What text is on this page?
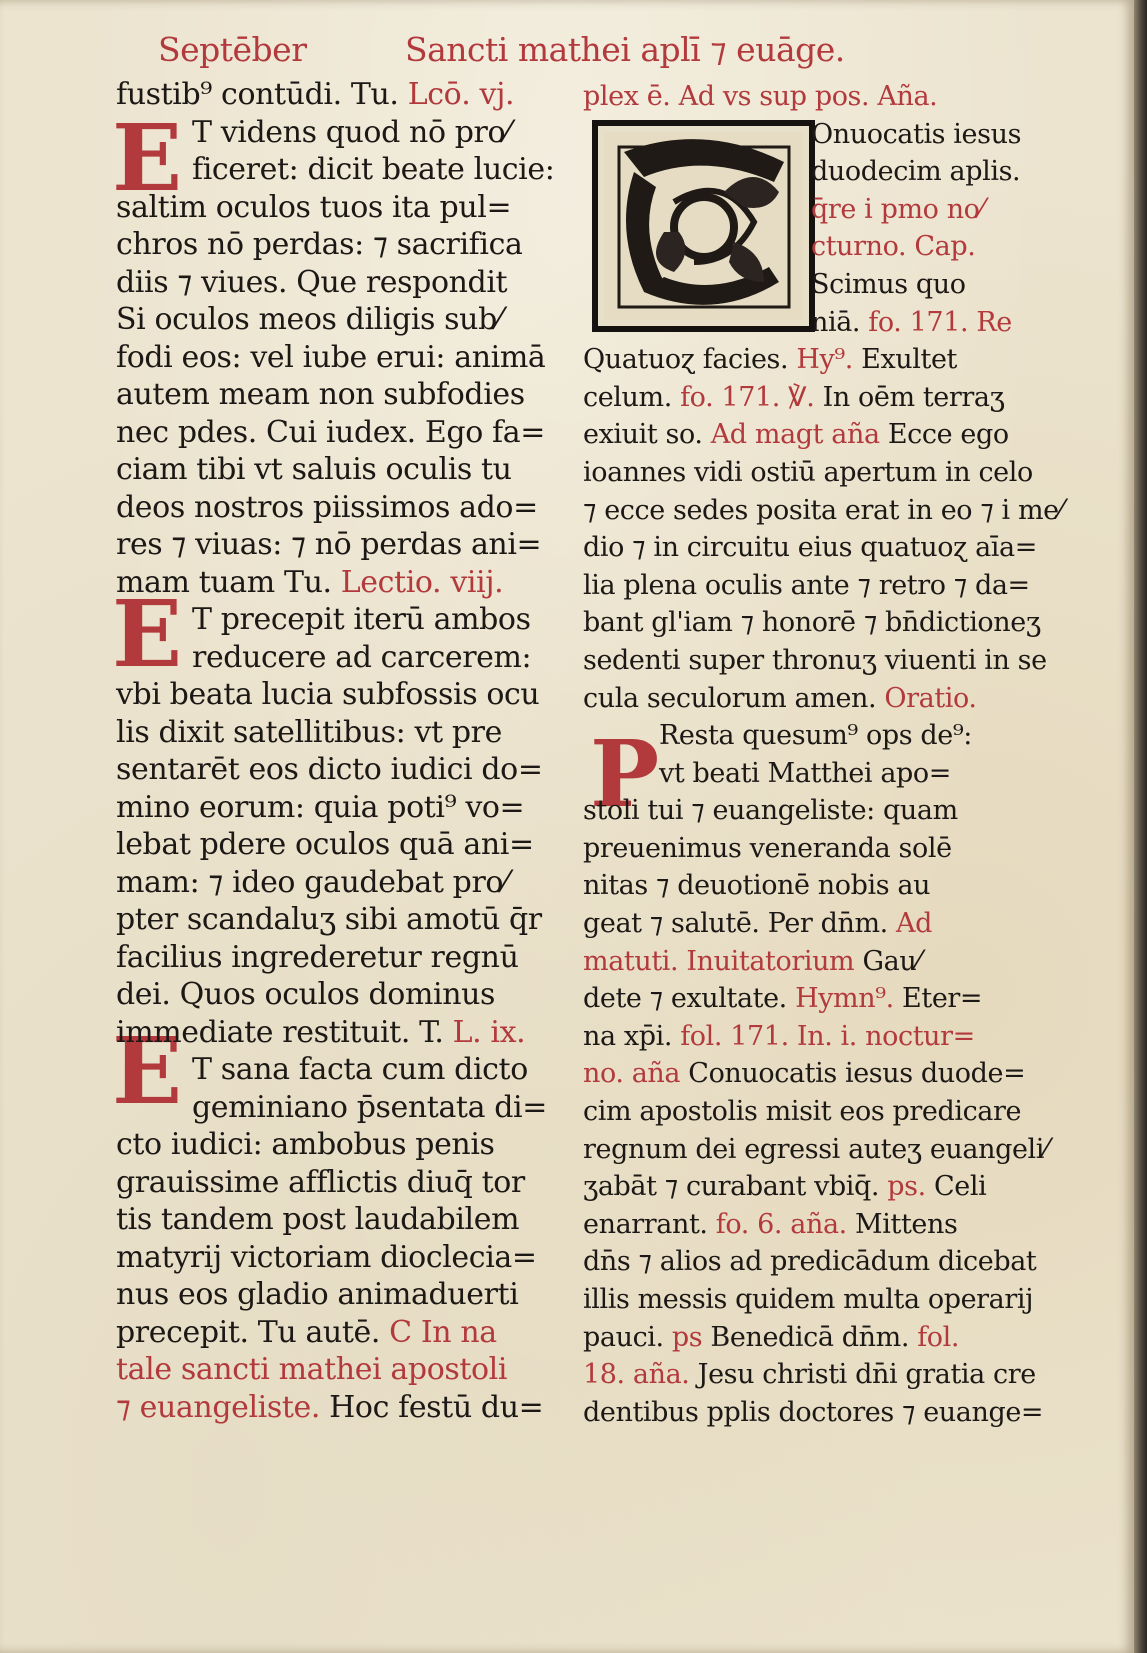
Septēber	Sancti mathei aplī ⁊ euāge.
E
E
E
P
fustib⁹ contūdi. Tu. Lcō. vj.
T videns quod nō pro⁄
ficeret: dicit beate lucie:
saltim oculos tuos ita pul=
chros nō perdas: ⁊ sacrifica
diis ⁊ viues. Que respondit
Si oculos meos diligis sub⁄
fodi eos: vel iube erui: animā
autem meam non subfodies
nec pdes. Cui iudex. Ego fa=
ciam tibi vt saluis oculis tu
deos nostros piissimos ado=
res ⁊ viuas: ⁊ nō perdas ani=
mam tuam Tu. Lectio. viij.
T precepit iterū ambos
reducere ad carcerem:
vbi beata lucia subfossis ocu
lis dixit satellitibus: vt pre
sentarēt eos dicto iudici do=
mino eorum: quia poti⁹ vo=
lebat pdere oculos quā ani=
mam: ⁊ ideo gaudebat pro⁄
pter scandaluʒ sibi amotū q̄r
facilius ingrederetur regnū
dei. Quos oculos dominus
immediate restituit. T. L. ix.
T sana facta cum dicto
geminiano p̄sentata di=
cto iudici: ambobus penis
grauissime afflictis diuq̄ tor
tis tandem post laudabilem
matyrij victoriam dioclecia=
nus eos gladio animaduerti
precepit. Tu autē. C In na
tale sancti mathei apostoli
⁊ euangeliste. Hoc festū du=
plex ē. Ad vs sup pos. Aña.
Onuocatis iesus
duodecim aplis.
q̄re i pmo no⁄
cturno. Cap.
Scimus quo
niā. fo. 171. Re
Quatuoɀ facies. Hy⁹. Exultet
celum. fo. 171. ℣. In oēm terraʒ
exiuit so. Ad magt aña Ecce ego
ioannes vidi ostiū apertum in celo
⁊ ecce sedes posita erat in eo ⁊ i me⁄
dio ⁊ in circuitu eius quatuoɀ aīa=
lia plena oculis ante ⁊ retro ⁊ da=
bant gl'iam ⁊ honorē ⁊ bn̄dictioneʒ
sedenti super thronuʒ viuenti in se
cula seculorum amen. Oratio.
Resta quesum⁹ ops de⁹:
vt beati Matthei apo=
stoli tui ⁊ euangeliste: quam
preuenimus veneranda solē
nitas ⁊ deuotionē nobis au
geat ⁊ salutē. Per dn̄m. Ad
matuti. Inuitatorium Gau⁄
dete ⁊ exultate. Hymn⁹. Eter=
na xp̄i. fol. 171. In. i. noctur=
no. aña Conuocatis iesus duode=
cim apostolis misit eos predicare
regnum dei egressi auteʒ euangeli⁄
ʒabāt ⁊ curabant vbiq̄. ps. Celi
enarrant. fo. 6. aña. Mittens
dn̄s ⁊ alios ad predicādum dicebat
illis messis quidem multa operarij
pauci. ps Benedicā dn̄m. fol.
18. aña. Jesu christi dn̄i gratia cre
dentibus pplis doctores ⁊ euange=
